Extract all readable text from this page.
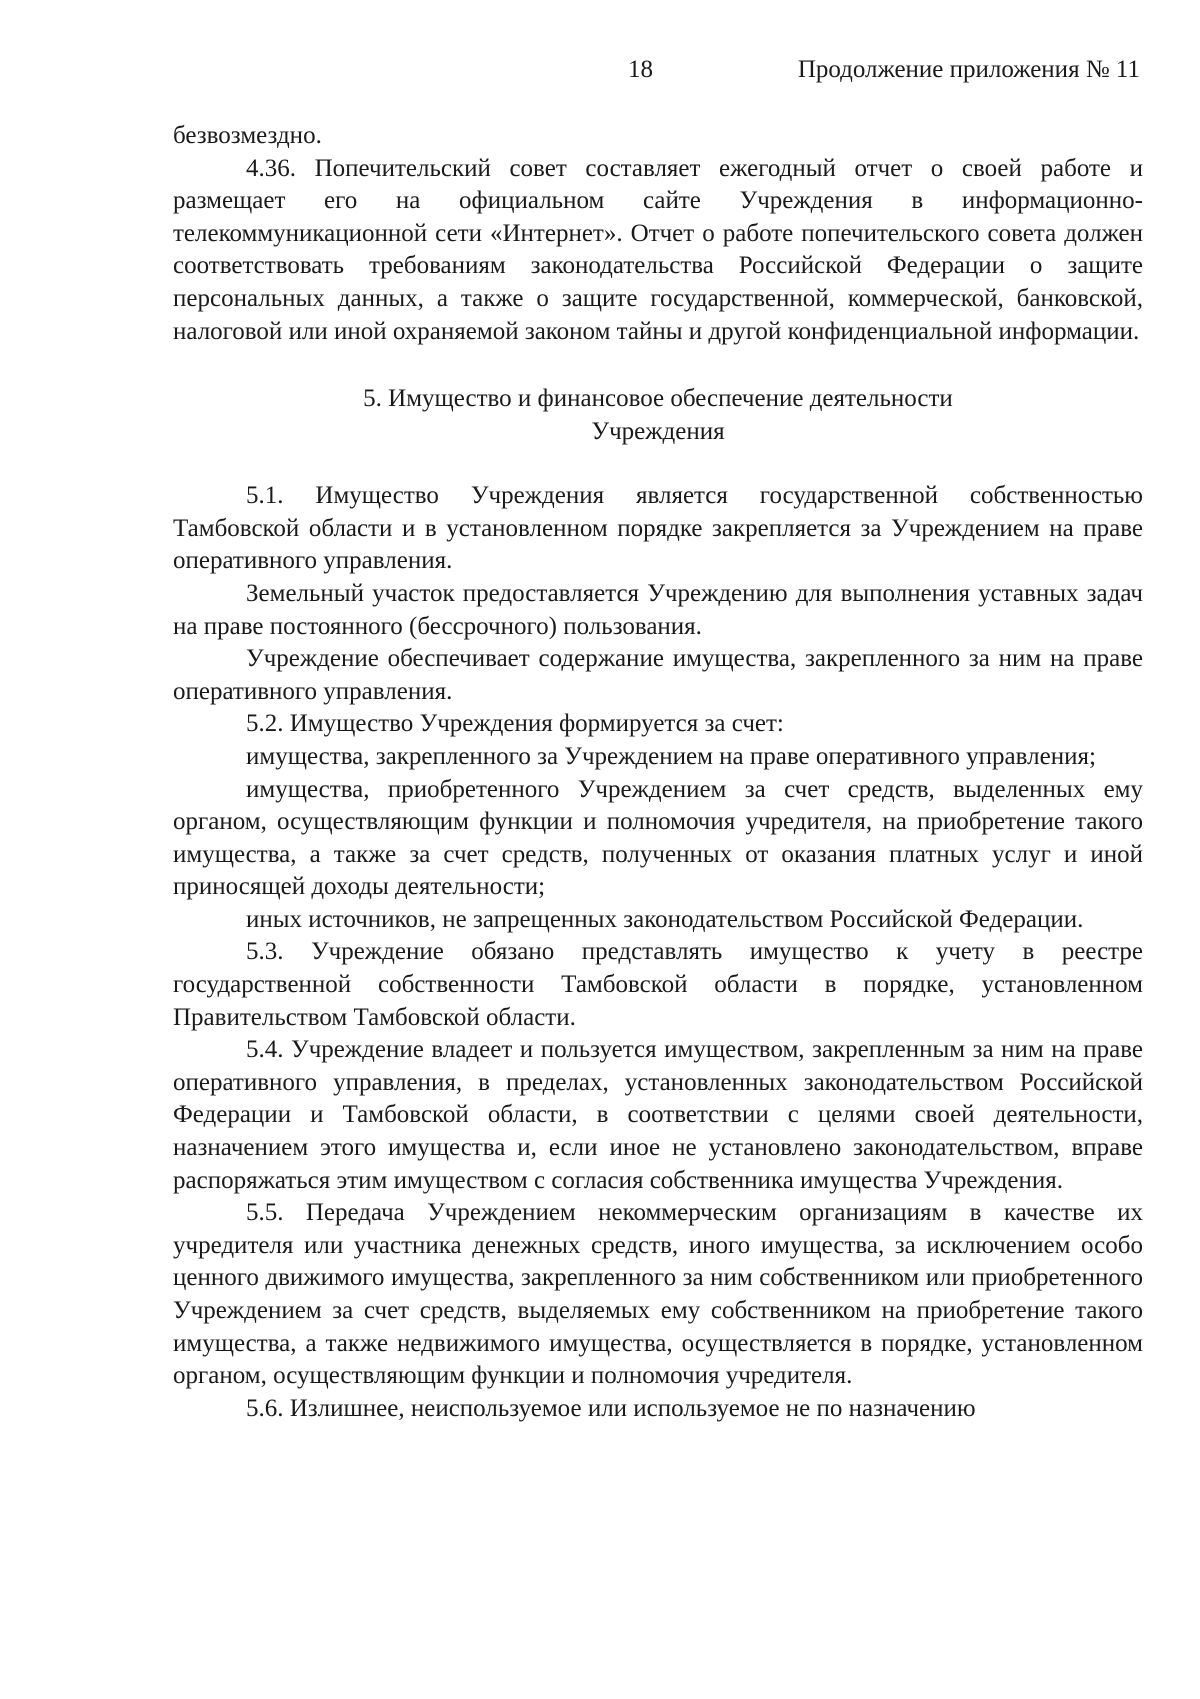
18	Продолжение приложения № 11

безвозмездно.

4.36. Попечительский совет составляет ежегодный отчет о своей работе и размещает его на официальном сайте Учреждения в информационно-телекоммуникационной сети «Интернет». Отчет о работе попечительского совета должен соответствовать требованиям законодательства Российской Федерации о защите персональных данных, а также о защите государственной, коммерческой, банковской, налоговой или иной охраняемой законом тайны и другой конфиденциальной информации.

5. Имущество и финансовое обеспечение деятельности
Учреждения

5.1. Имущество Учреждения является государственной собственностью Тамбовской области и в установленном порядке закрепляется за Учреждением на праве оперативного управления.

Земельный участок предоставляется Учреждению для выполнения уставных задач на праве постоянного (бессрочного) пользования.

Учреждение обеспечивает содержание имущества, закрепленного за ним на праве оперативного управления.

5.2. Имущество Учреждения формируется за счет:

имущества, закрепленного за Учреждением на праве оперативного управления;

имущества, приобретенного Учреждением за счет средств, выделенных ему органом, осуществляющим функции и полномочия учредителя, на приобретение такого имущества, а также за счет средств, полученных от оказания платных услуг и иной приносящей доходы деятельности;

иных источников, не запрещенных законодательством Российской Федерации.

5.3. Учреждение обязано представлять имущество к учету в реестре государственной собственности Тамбовской области в порядке, установленном Правительством Тамбовской области.

5.4. Учреждение владеет и пользуется имуществом, закрепленным за ним на праве оперативного управления, в пределах, установленных законодательством Российской Федерации и Тамбовской области, в соответствии с целями своей деятельности, назначением этого имущества и, если иное не установлено законодательством, вправе распоряжаться этим имуществом с согласия собственника имущества Учреждения.

5.5. Передача Учреждением некоммерческим организациям в качестве их учредителя или участника денежных средств, иного имущества, за исключением особо ценного движимого имущества, закрепленного за ним собственником или приобретенного Учреждением за счет средств, выделяемых ему собственником на приобретение такого имущества, а также недвижимого имущества, осуществляется в порядке, установленном органом, осуществляющим функции и полномочия учредителя.

5.6. Излишнее, неиспользуемое или используемое не по назначению
